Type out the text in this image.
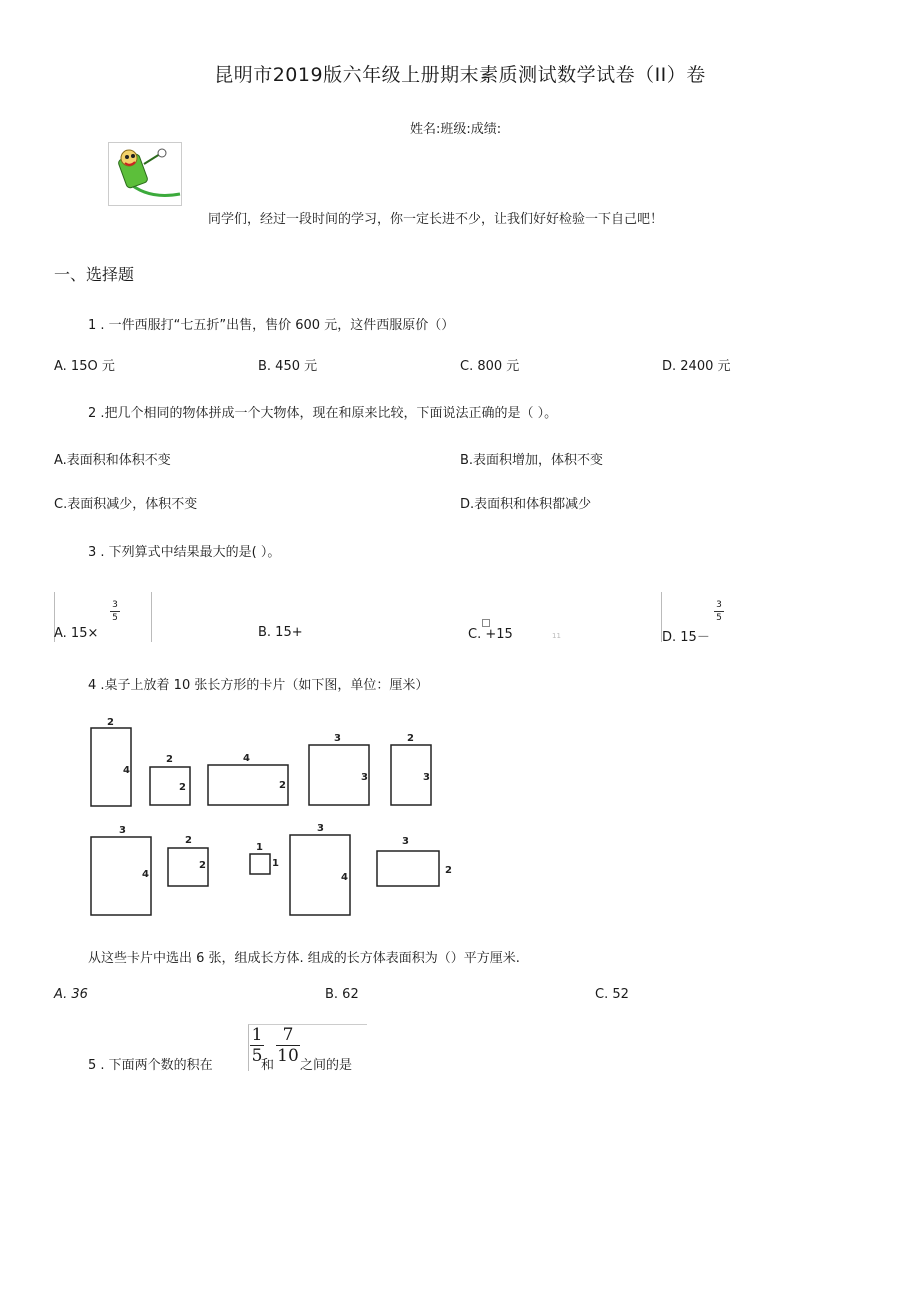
昆明市2019版六年级上册期末素质测试数学试卷（II）卷
姓名:班级:成绩:
同学们，经过一段时间的学习，你一定长进不少，让我们好好检验一下自己吧！
一、选择题
1 . 一件西服打“七五折”出售，售价 600 元，这件西服原价（）
A. 15O 元	B. 450 元	C. 800 元	D. 2400 元
2 .把几个相同的物体拼成一个大物体，现在和原来比较，下面说法正确的是（ ）。
A.表面积和体积不变	B.表面积增加，体积不变
C.表面积减少，体积不变	D.表面积和体积都减少
3 . 下列算式中结果最大的是( ）。
A. 15×
3
5
B. 15+	C. +15	11	D. 15－
3
5
4 .桌子上放着 10 张长方形的卡片（如下图，单位：厘米）
2
4
2
2
4
2
3
3
2
3
3
4
2
2
1
1
3
4
3
2
从这些卡片中选出 6 张，组成长方体. 组成的长方体表面积为（）平方厘米.
A. 36	B. 62	C. 52
5 . 下面两个数的积在
1
5
和
7
10 之间的是
